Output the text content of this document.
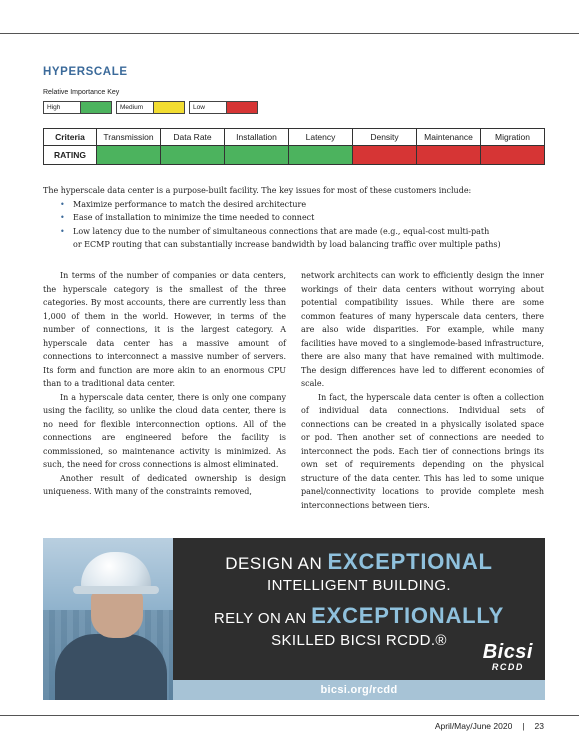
HYPERSCALE
Relative Importance Key
High	Medium	Low
Criteria	Transmission	Data Rate	Installation	Latency	Density	Maintenance	Migration
RATING							

The hyperscale data center is a purpose-built facility. The key issues for most of these customers include:

• Maximize performance to match the desired architecture
• Ease of installation to minimize the time needed to connect
• Low latency due to the number of simultaneous connections that are made (e.g., equal-cost multi-path
or ECMP routing that can substantially increase bandwidth by load balancing traffic over multiple paths)

In terms of the number of companies or data centers, the hyperscale category is the smallest of the three categories. By most accounts, there are currently less than 1,000 of them in the world. However, in terms of the number of connections, it is the largest category. A hyperscale data center has a massive amount of connections to interconnect a massive number of servers. Its form and function are more akin to an enormous CPU than to a traditional data center.

In a hyperscale data center, there is only one company using the facility, so unlike the cloud data center, there is no need for flexible interconnection options. All of the connections are engineered before the facility is commissioned, so maintenance activity is minimized. As such, the need for cross connections is almost eliminated.

Another result of dedicated ownership is design uniqueness. With many of the constraints removed,

network architects can work to efficiently design the inner workings of their data centers without worrying about potential compatibility issues. While there are some common features of many hyperscale data centers, there are also wide disparities. For example, while many facilities have moved to a singlemode-based infrastructure, there are also many that have remained with multimode. The design differences have led to different economies of scale.

In fact, the hyperscale data center is often a collection of individual data connections. Individual sets of connections can be created in a physically isolated space or pod. Then another set of connections are needed to interconnect the pods. Each tier of connections brings its own set of requirements depending on the physical structure of the data center. This has led to some unique panel/connectivity locations to provide complete mesh interconnections between tiers.

DESIGN AN EXCEPTIONAL
INTELLIGENT BUILDING.
RELY ON AN EXCEPTIONALLY
SKILLED BICSI RCDD.®
Bicsi
RCDD
bicsi.org/rcdd
April/May/June 2020 | 23
